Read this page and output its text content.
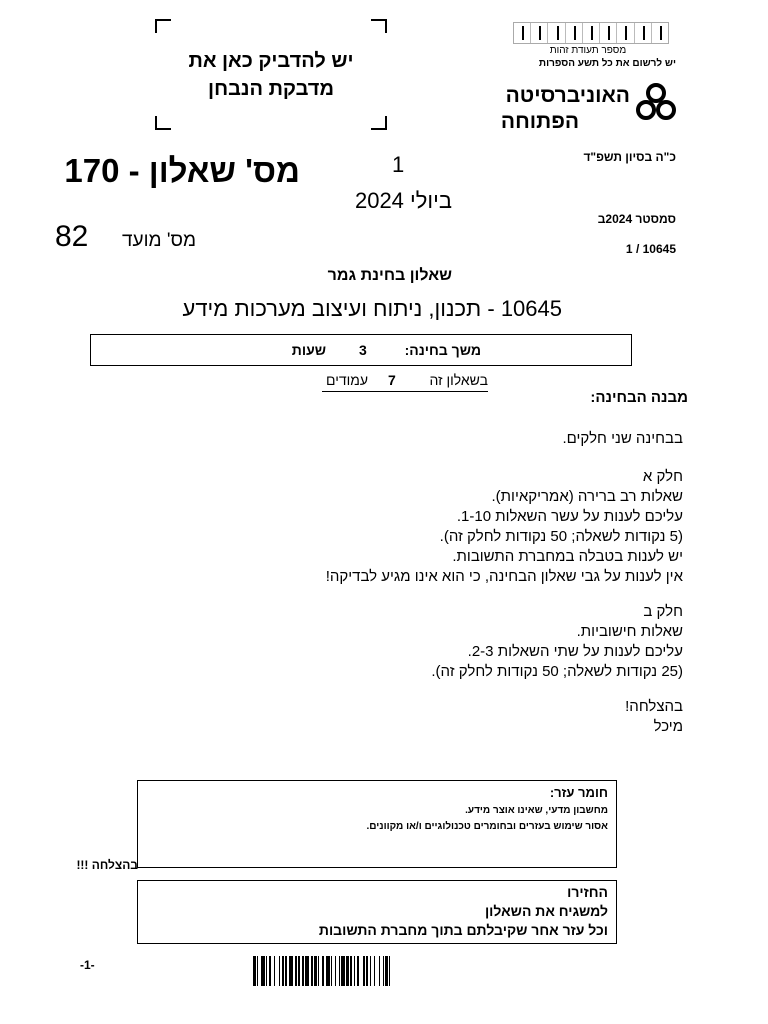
יש להדביק כאן את
מדבקת הנבחן
מספר תעודת זהות
יש לרשום את כל תשע הספרות
האוניברסיטה
הפתוחה
כ"ה בסיון תשפ"ד
1
מס' שאלון - 170
ביולי 2024
סמסטר 2024ב
10645 / 1
82	מס' מועד
שאלון בחינת גמר
10645 - תכנון, ניתוח ועיצוב מערכות מידע
משך בחינה:
3
שעות
בשאלון זה
7
עמודים
מבנה הבחינה:
בבחינה שני חלקים.
חלק א
שאלות רב ברירה (אמריקאיות).
עליכם לענות על עשר השאלות 1-10.
(5 נקודות לשאלה; 50 נקודות לחלק זה).
יש לענות בטבלה במחברת התשובות.
אין לענות על גבי שאלון הבחינה, כי הוא אינו מגיע לבדיקה!
חלק ב
שאלות חישוביות.
עליכם לענות על שתי השאלות 2-3.
(25 נקודות לשאלה; 50 נקודות לחלק זה).
בהצלחה!
מיכל
חומר עזר:
מחשבון מדעי, שאינו אוצר מידע.
אסור שימוש בעזרים ובחומרים טכנולוגיים ו/או מקוונים.
בהצלחה !!!
החזירו
למשגיח את השאלון
וכל עזר אחר שקיבלתם בתוך מחברת התשובות
-1-
